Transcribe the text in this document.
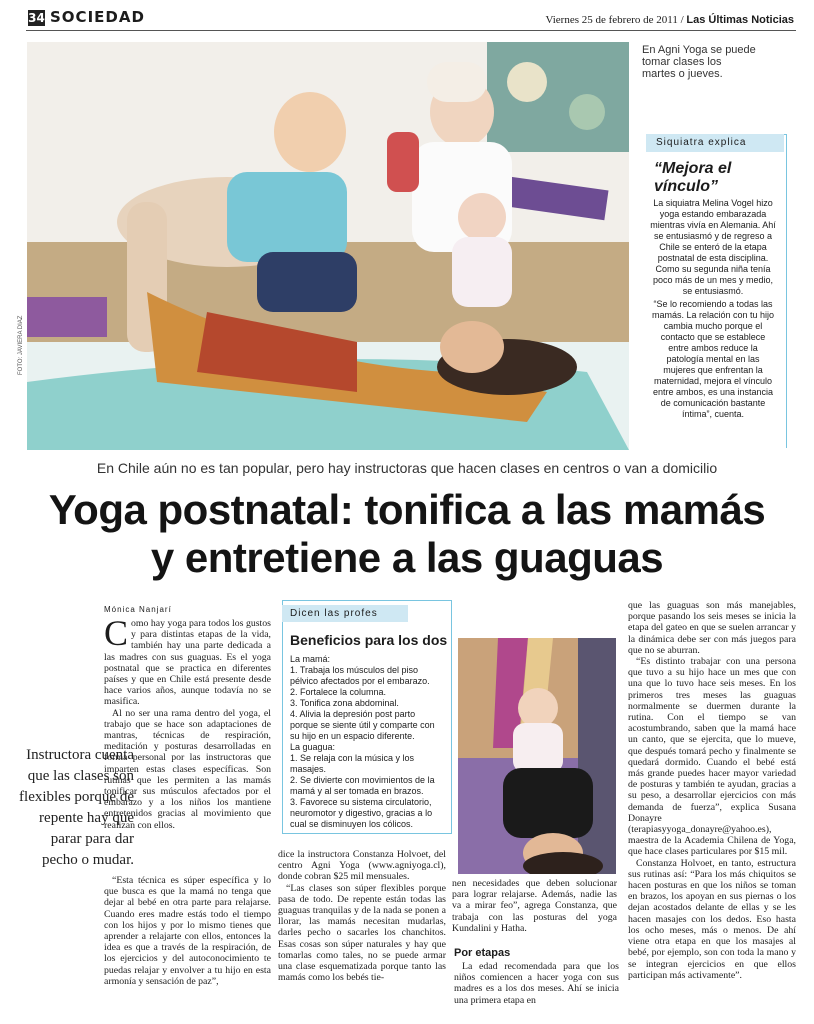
34 SOCIEDAD	Viernes 25 de febrero de 2011 / Las Últimas Noticias
FOTO: JAVIERA DIAZ
En Agni Yoga se puede tomar clases los martes o jueves.
Siquiatra explica
“Mejora el vínculo”

La siquiatra Melina Vogel hizo yoga estando embarazada mientras vivía en Alemania. Ahí se entusiasmó y de regreso a Chile se enteró de la etapa postnatal de esta disciplina. Como su segunda niña tenía poco más de un mes y medio, se entusiasmó.

“Se lo recomiendo a todas las mamás. La relación con tu hijo cambia mucho porque el contacto que se establece entre ambos reduce la patología mental en las mujeres que enfrentan la maternidad, mejora el vínculo entre ambos, es una instancia de comunicación bastante íntima”, cuenta.

En Chile aún no es tan popular, pero hay instructoras que hacen clases en centros o van a domicilio
Yoga postnatal: tonifica a las mamás
y entretiene a las guaguas
Mónica Nanjarí

Como hay yoga para todos los gustos y para distintas etapas de la vida, también hay una parte dedicada a las madres con sus guaguas. Es el yoga postnatal que se practica en diferentes países y que en Chile está presente desde hace varios años, aunque todavía no se masifica.

Al no ser una rama dentro del yoga, el trabajo que se hace son adaptaciones de mantras, técnicas de respiración, meditación y posturas desarrolladas en forma personal por las instructoras que imparten estas clases específicas. Son rutinas que les permiten a las mamás tonificar sus músculos afectados por el embarazo y a los niños los mantiene entretenidos gracias al movimiento que realizan con ellos.

Instructora cuenta que las clases son flexibles porque de repente hay que parar para dar pecho o mudar.

“Esta técnica es súper específica y lo que busca es que la mamá no tenga que dejar al bebé en otra parte para relajarse. Cuando eres madre estás todo el tiempo con los hijos y por lo mismo tienes que aprender a relajarte con ellos, entonces la idea es que a través de la respiración, de los ejercicios y del autoconocimiento te puedas relajar y envolver a tu hijo en esta armonía y sensación de paz”,

Dicen las profes
Beneficios para los dos
La mamá:
1. Trabaja los músculos del piso pélvico afectados por el embarazo.
2. Fortalece la columna.
3. Tonifica zona abdominal.
4. Alivia la depresión post parto porque se siente útil y comparte con su hijo en un espacio diferente.
La guagua:
1. Se relaja con la música y los masajes.
2. Se divierte con movimientos de la mamá y al ser tomada en brazos.
3. Favorece su sistema circulatorio, neuromotor y digestivo, gracias a lo cual se disminuyen los cólicos.

dice la instructora Constanza Holvoet, del centro Agni Yoga (www.agniyoga.cl), donde cobran $25 mil mensuales.

“Las clases son súper flexibles porque pasa de todo. De repente están todas las guaguas tranquilas y de la nada se ponen a llorar, las mamás necesitan mudarlas, darles pecho o sacarles los chanchitos. Esas cosas son súper naturales y hay que tomarlas como tales, no se puede armar una clase esquematizada porque tanto las mamás como los bebés tie-

nen necesidades que deben solucionar para lograr relajarse. Además, nadie las va a mirar feo”, agrega Constanza, que trabaja con las posturas del yoga Kundalini y Hatha.

Por etapas

La edad recomendada para que los niños comiencen a hacer yoga con sus madres es a los dos meses. Ahí se inicia una primera etapa en

que las guaguas son más manejables, porque pasando los seis meses se inicia la etapa del gateo en que se suelen arrancar y la dinámica debe ser con más juegos para que no se aburran.

“Es distinto trabajar con una persona que tuvo a su hijo hace un mes que con una que lo tuvo hace seis meses. En los primeros tres meses las guaguas normalmente se duermen durante la rutina. Con el tiempo se van acostumbrando, saben que la mamá hace un canto, que se ejercita, que lo mueve, que después tomará pecho y finalmente se quedará dormido. Cuando el bebé está más grande puedes hacer mayor variedad de posturas y también te ayudan, gracias a su peso, a desarrollar ejercicios con más demanda de fuerza”, explica Susana Donayre (terapiasyyoga_donayre@yahoo.es), maestra de la Academia Chilena de Yoga, que hace clases particulares por $15 mil.

Constanza Holvoet, en tanto, estructura sus rutinas así: “Para los más chiquitos se hacen posturas en que los niños se toman en brazos, los apoyan en sus piernas o los dejan acostados delante de ellas y se les hacen masajes con los dedos. Eso hasta los ocho meses, más o menos. De ahí viene otra etapa en que los masajes al bebé, por ejemplo, son con toda la mano y se integran ejercicios en que ellos participan más activamente”.
